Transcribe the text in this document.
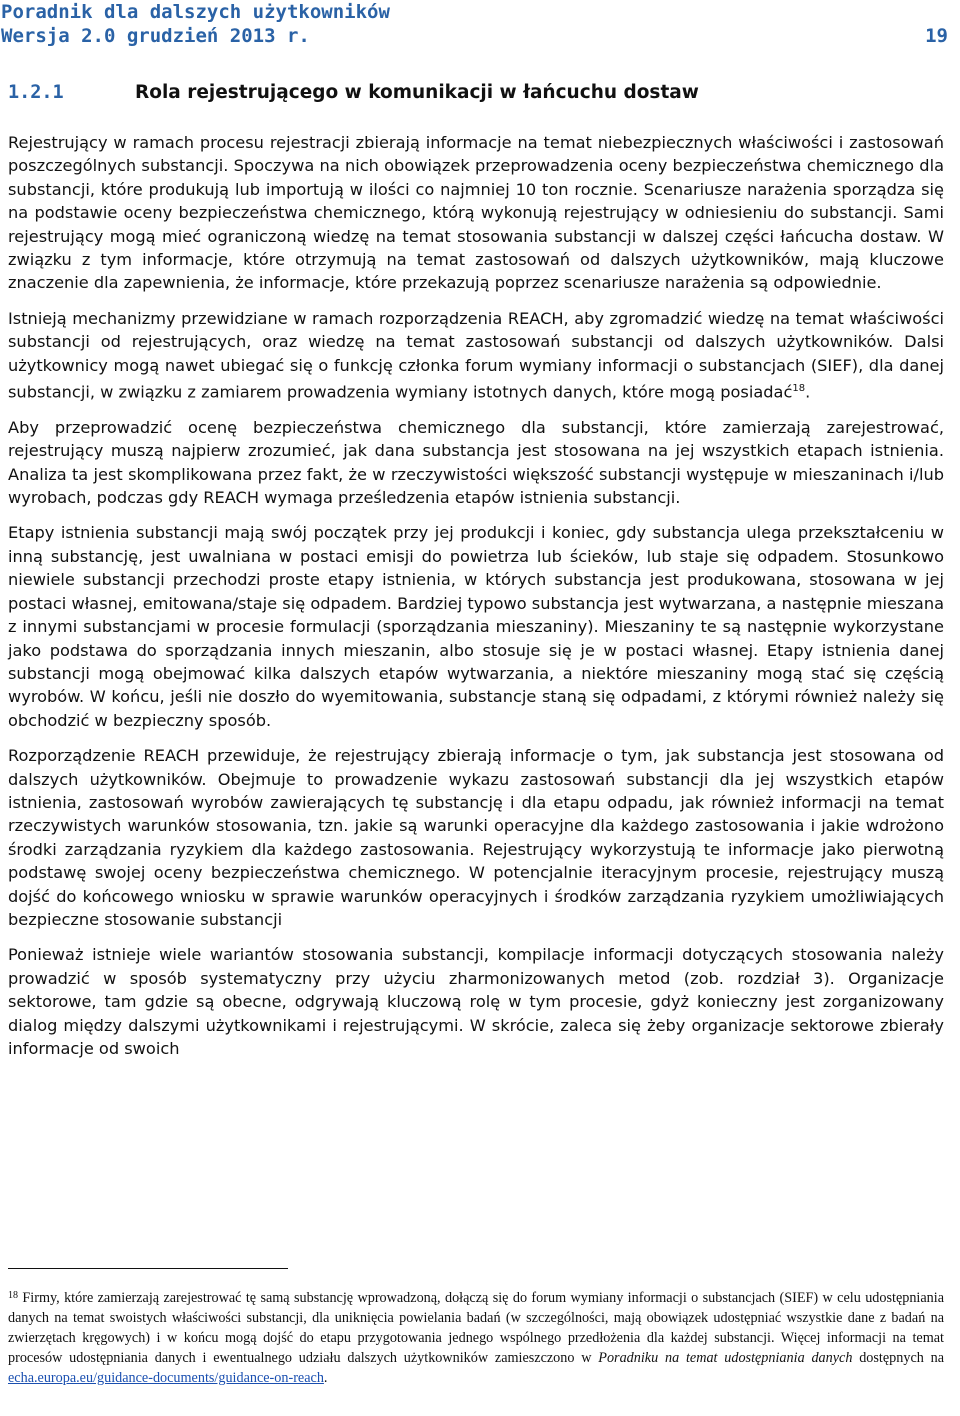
Poradnik dla dalszych użytkowników
Wersja 2.0 grudzień 2013 r.	19
1.2.1	Rola rejestrującego w komunikacji w łańcuchu dostaw

Rejestrujący w ramach procesu rejestracji zbierają informacje na temat niebezpiecznych właściwości i zastosowań poszczególnych substancji. Spoczywa na nich obowiązek przeprowadzenia oceny bezpieczeństwa chemicznego dla substancji, które produkują lub importują w ilości co najmniej 10 ton rocznie. Scenariusze narażenia sporządza się na podstawie oceny bezpieczeństwa chemicznego, którą wykonują rejestrujący w odniesieniu do substancji. Sami rejestrujący mogą mieć ograniczoną wiedzę na temat stosowania substancji w dalszej części łańcucha dostaw. W związku z tym informacje, które otrzymują na temat zastosowań od dalszych użytkowników, mają kluczowe znaczenie dla zapewnienia, że informacje, które przekazują poprzez scenariusze narażenia są odpowiednie.

Istnieją mechanizmy przewidziane w ramach rozporządzenia REACH, aby zgromadzić wiedzę na temat właściwości substancji od rejestrujących, oraz wiedzę na temat zastosowań substancji od dalszych użytkowników. Dalsi użytkownicy mogą nawet ubiegać się o funkcję członka forum wymiany informacji o substancjach (SIEF), dla danej substancji, w związku z zamiarem prowadzenia wymiany istotnych danych, które mogą posiadać$^{18}$.

Aby przeprowadzić ocenę bezpieczeństwa chemicznego dla substancji, które zamierzają zarejestrować, rejestrujący muszą najpierw zrozumieć, jak dana substancja jest stosowana na jej wszystkich etapach istnienia. Analiza ta jest skomplikowana przez fakt, że w rzeczywistości większość substancji występuje w mieszaninach i/lub wyrobach, podczas gdy REACH wymaga prześledzenia etapów istnienia substancji.

Etapy istnienia substancji mają swój początek przy jej produkcji i koniec, gdy substancja ulega przekształceniu w inną substancję, jest uwalniana w postaci emisji do powietrza lub ścieków, lub staje się odpadem. Stosunkowo niewiele substancji przechodzi proste etapy istnienia, w których substancja jest produkowana, stosowana w jej postaci własnej, emitowana/staje się odpadem. Bardziej typowo substancja jest wytwarzana, a następnie mieszana z innymi substancjami w procesie formulacji (sporządzania mieszaniny). Mieszaniny te są następnie wykorzystane jako podstawa do sporządzania innych mieszanin, albo stosuje się je w postaci własnej. Etapy istnienia danej substancji mogą obejmować kilka dalszych etapów wytwarzania, a niektóre mieszaniny mogą stać się częścią wyrobów. W końcu, jeśli nie doszło do wyemitowania, substancje staną się odpadami, z którymi również należy się obchodzić w bezpieczny sposób.

Rozporządzenie REACH przewiduje, że rejestrujący zbierają informacje o tym, jak substancja jest stosowana od dalszych użytkowników. Obejmuje to prowadzenie wykazu zastosowań substancji dla jej wszystkich etapów istnienia, zastosowań wyrobów zawierających tę substancję i dla etapu odpadu, jak również informacji na temat rzeczywistych warunków stosowania, tzn. jakie są warunki operacyjne dla każdego zastosowania i jakie wdrożono środki zarządzania ryzykiem dla każdego zastosowania. Rejestrujący wykorzystują te informacje jako pierwotną podstawę swojej oceny bezpieczeństwa chemicznego. W potencjalnie iteracyjnym procesie, rejestrujący muszą dojść do końcowego wniosku w sprawie warunków operacyjnych i środków zarządzania ryzykiem umożliwiających bezpieczne stosowanie substancji

Ponieważ istnieje wiele wariantów stosowania substancji, kompilacje informacji dotyczących stosowania należy prowadzić w sposób systematyczny przy użyciu zharmonizowanych metod (zob. rozdział 3). Organizacje sektorowe, tam gdzie są obecne, odgrywają kluczową rolę w tym procesie, gdyż konieczny jest zorganizowany dialog między dalszymi użytkownikami i rejestrującymi. W skrócie, zaleca się żeby organizacje sektorowe zbierały informacje od swoich

$^{18}$ Firmy, które zamierzają zarejestrować tę samą substancję wprowadzoną, dołączą się do forum wymiany informacji o substancjach (SIEF) w celu udostępniania danych na temat swoistych właściwości substancji, dla uniknięcia powielania badań (w szczególności, mają obowiązek udostępniać wszystkie dane z badań na zwierzętach kręgowych) i w końcu mogą dojść do etapu przygotowania jednego wspólnego przedłożenia dla każdej substancji. Więcej informacji na temat procesów udostępniania danych i ewentualnego udziału dalszych użytkowników zamieszczono w Poradniku na temat udostępniania danych dostępnych na echa.europa.eu/guidance-documents/guidance-on-reach.
